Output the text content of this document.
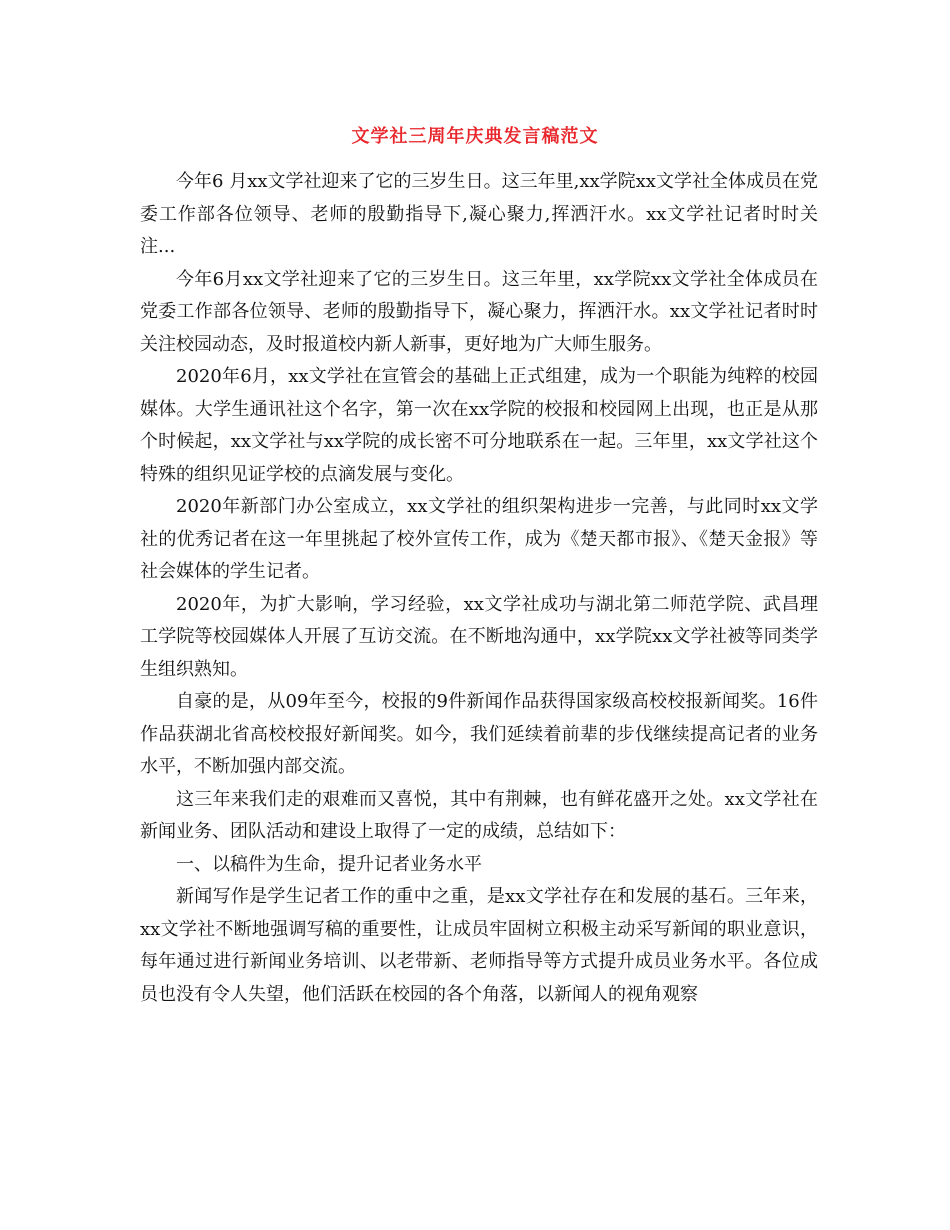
文学社三周年庆典发言稿范文

今年6 月xx文学社迎来了它的三岁生日。这三年里,xx学院xx文学社全体成员在党委工作部各位领导、老师的殷勤指导下,凝心聚力,挥洒汗水。xx文学社记者时时关注...

今年6月xx文学社迎来了它的三岁生日。这三年里，xx学院xx文学社全体成员在党委工作部各位领导、老师的殷勤指导下，凝心聚力，挥洒汗水。xx文学社记者时时关注校园动态，及时报道校内新人新事，更好地为广大师生服务。

2020年6月，xx文学社在宣管会的基础上正式组建，成为一个职能为纯粹的校园媒体。大学生通讯社这个名字，第一次在xx学院的校报和校园网上出现，也正是从那个时候起，xx文学社与xx学院的成长密不可分地联系在一起。三年里，xx文学社这个特殊的组织见证学校的点滴发展与变化。

2020年新部门办公室成立，xx文学社的组织架构进步一完善，与此同时xx文学社的优秀记者在这一年里挑起了校外宣传工作，成为《楚天都市报》、《楚天金报》等社会媒体的学生记者。

2020年，为扩大影响，学习经验，xx文学社成功与湖北第二师范学院、武昌理工学院等校园媒体人开展了互访交流。在不断地沟通中，xx学院xx文学社被等同类学生组织熟知。

自豪的是，从09年至今，校报的9件新闻作品获得国家级高校校报新闻奖。16件作品获湖北省高校校报好新闻奖。如今，我们延续着前辈的步伐继续提高记者的业务水平，不断加强内部交流。

这三年来我们走的艰难而又喜悦，其中有荆棘，也有鲜花盛开之处。xx文学社在新闻业务、团队活动和建设上取得了一定的成绩，总结如下：

一、以稿件为生命，提升记者业务水平

新闻写作是学生记者工作的重中之重，是xx文学社存在和发展的基石。三年来，xx文学社不断地强调写稿的重要性，让成员牢固树立积极主动采写新闻的职业意识，每年通过进行新闻业务培训、以老带新、老师指导等方式提升成员业务水平。各位成员也没有令人失望，他们活跃在校园的各个角落，以新闻人的视角观察
